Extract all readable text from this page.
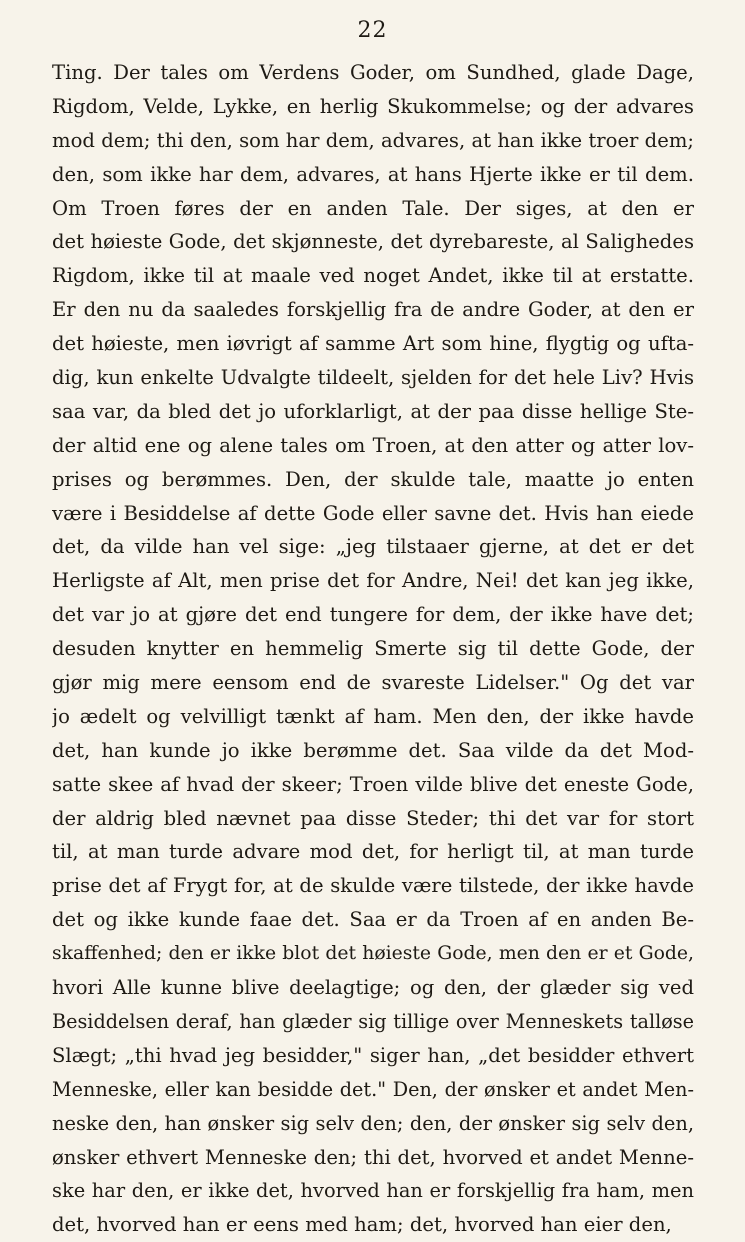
22
Ting. Der tales om Verdens Goder, om Sundhed, glade Dage,
Rigdom, Velde, Lykke, en herlig Skukommelse; og der advares
mod dem; thi den, som har dem, advares, at han ikke troer dem;
den, som ikke har dem, advares, at hans Hjerte ikke er til dem.
Om Troen føres der en anden Tale. Der siges, at den er
det høieste Gode, det skjønneste, det dyrebareste, al Salighedes
Rigdom, ikke til at maale ved noget Andet, ikke til at erstatte.
Er den nu da saaledes forskjellig fra de andre Goder, at den er
det høieste, men iøvrigt af samme Art som hine, flygtig og ufta-
dig, kun enkelte Udvalgte tildeelt, sjelden for det hele Liv? Hvis
saa var, da bled det jo uforklarligt, at der paa disse hellige Ste-
der altid ene og alene tales om Troen, at den atter og atter lov-
prises og berømmes. Den, der skulde tale, maatte jo enten
være i Besiddelse af dette Gode eller savne det. Hvis han eiede
det, da vilde han vel sige: „jeg tilstaaer gjerne, at det er det
Herligste af Alt, men prise det for Andre, Nei! det kan jeg ikke,
det var jo at gjøre det end tungere for dem, der ikke have det;
desuden knytter en hemmelig Smerte sig til dette Gode, der
gjør mig mere eensom end de svareste Lidelser." Og det var
jo ædelt og velvilligt tænkt af ham. Men den, der ikke havde
det, han kunde jo ikke berømme det. Saa vilde da det Mod-
satte skee af hvad der skeer; Troen vilde blive det eneste Gode,
der aldrig bled nævnet paa disse Steder; thi det var for stort
til, at man turde advare mod det, for herligt til, at man turde
prise det af Frygt for, at de skulde være tilstede, der ikke havde
det og ikke kunde faae det. Saa er da Troen af en anden Be-
skaffenhed; den er ikke blot det høieste Gode, men den er et Gode,
hvori Alle kunne blive deelagtige; og den, der glæder sig ved
Besiddelsen deraf, han glæder sig tillige over Menneskets talløse
Slægt; „thi hvad jeg besidder," siger han, „det besidder ethvert
Menneske, eller kan besidde det." Den, der ønsker et andet Men-
neske den, han ønsker sig selv den; den, der ønsker sig selv den,
ønsker ethvert Menneske den; thi det, hvorved et andet Menne-
ske har den, er ikke det, hvorved han er forskjellig fra ham, men
det, hvorved han er eens med ham; det, hvorved han eier den,
